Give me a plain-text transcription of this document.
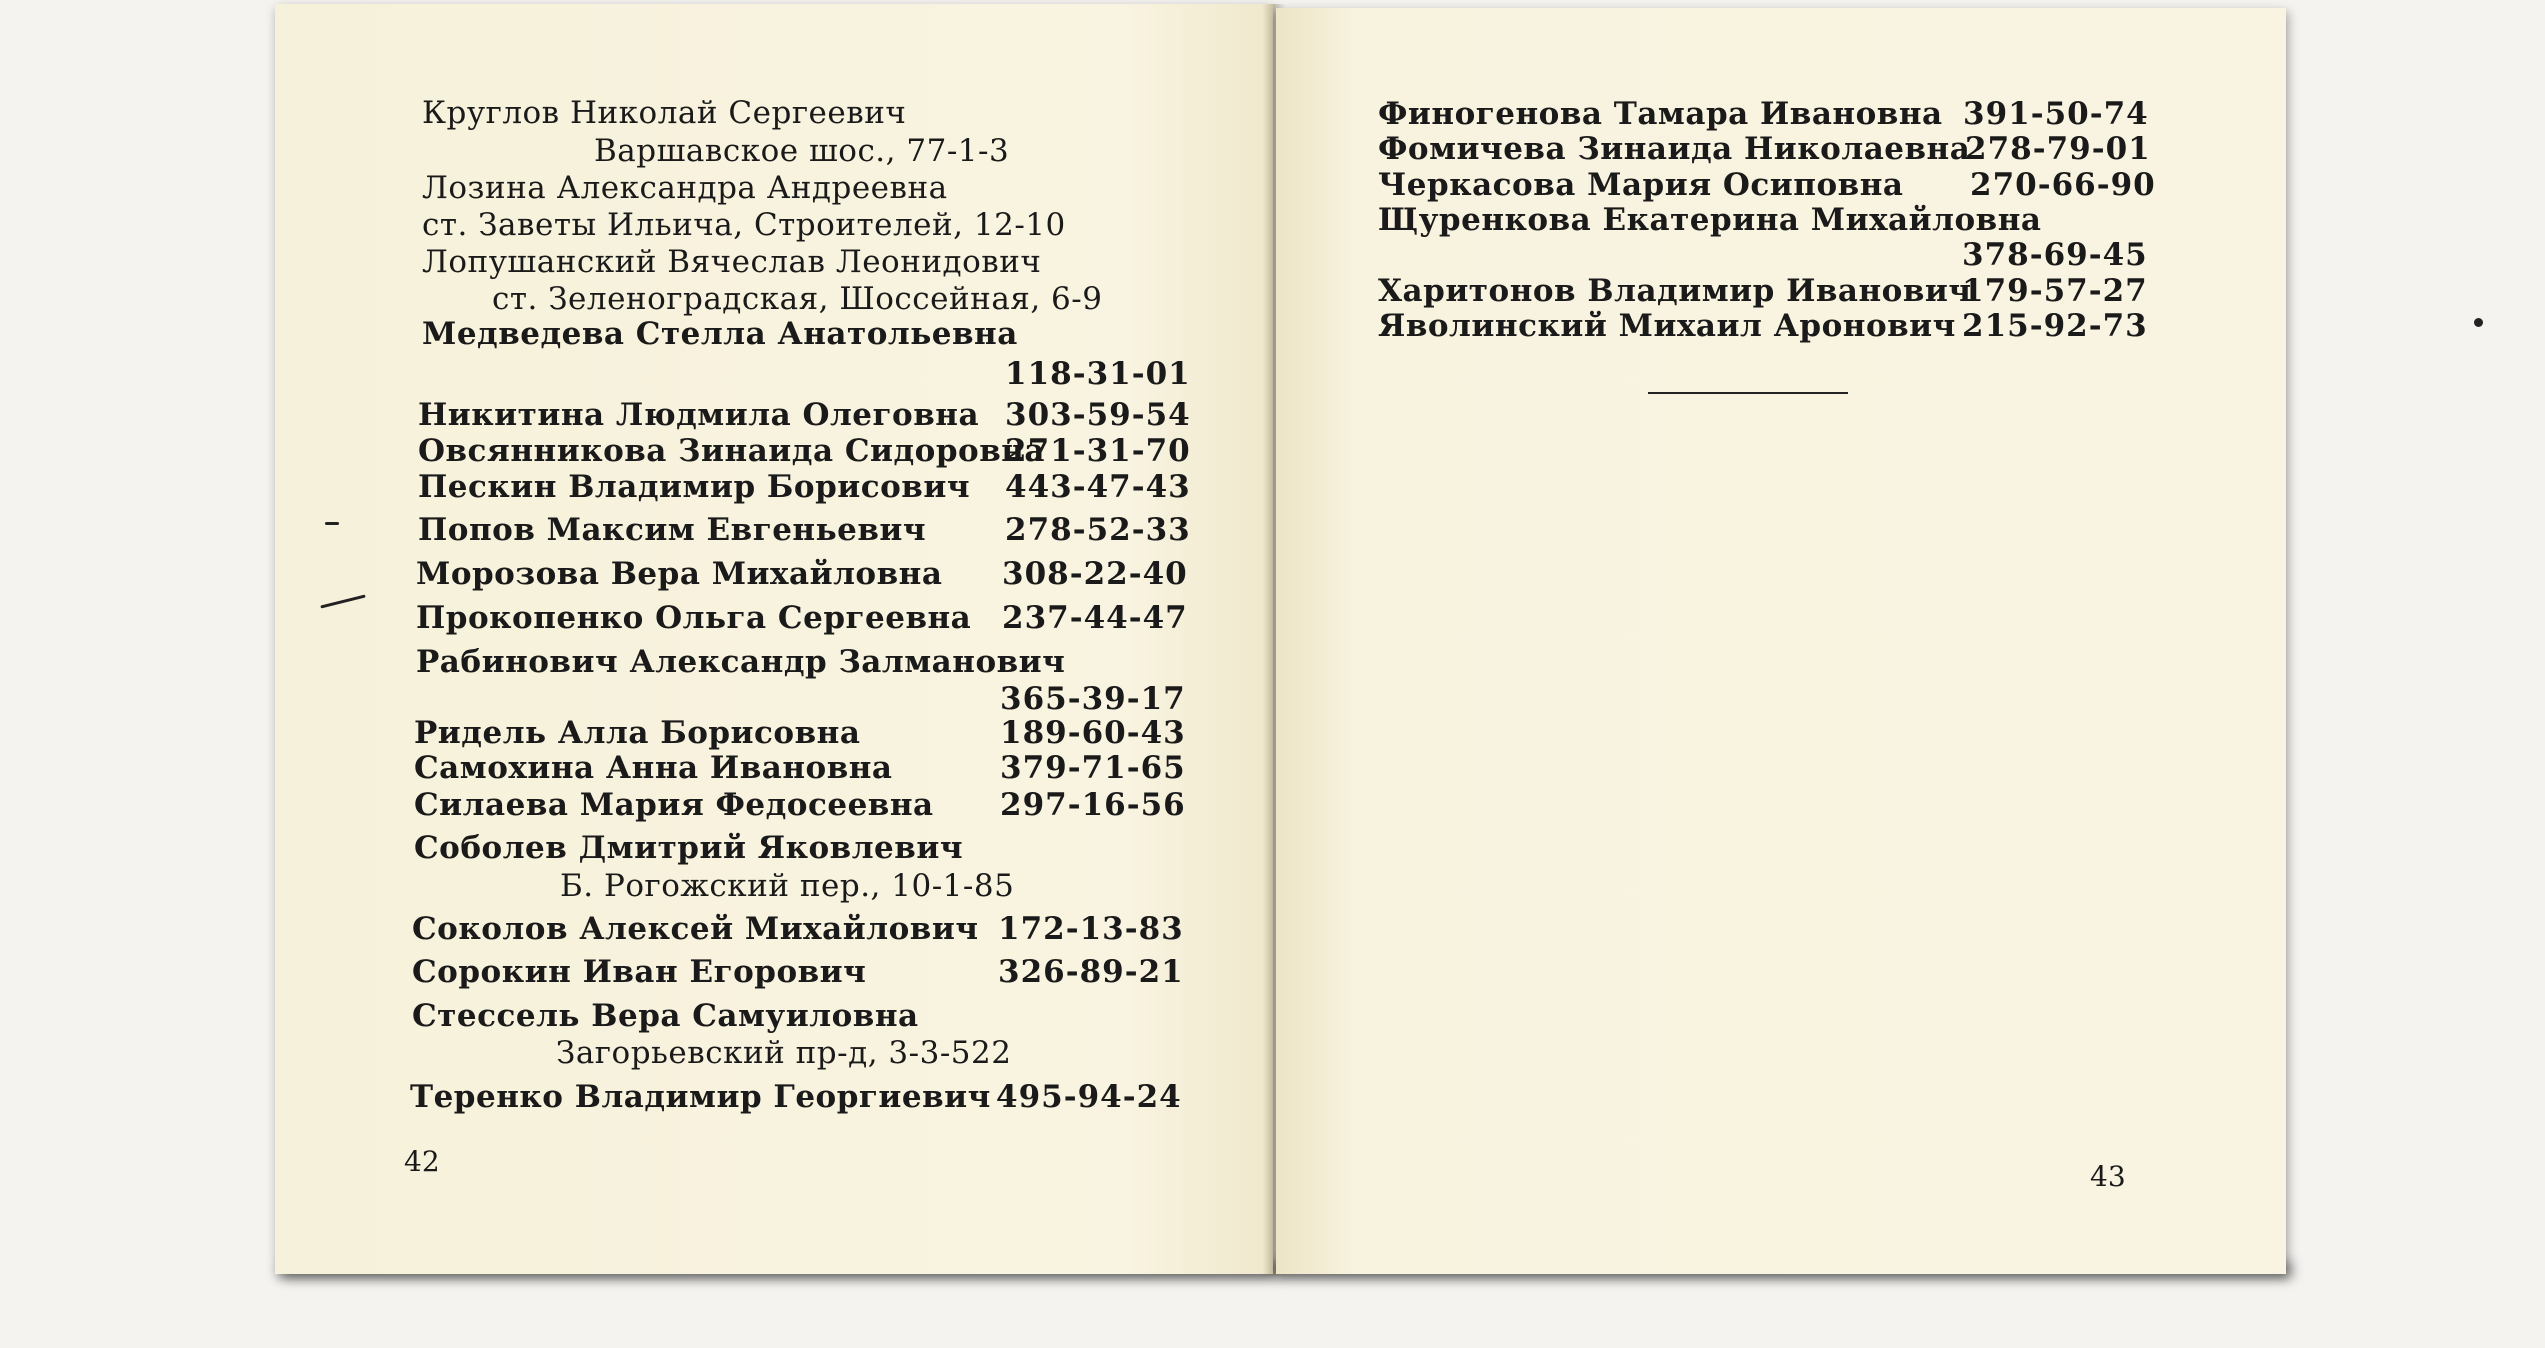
Круглов Николай Сергеевич
Варшавское шос., 77-1-3
Лозина Александра Андреевна
ст. Заветы Ильича, Строителей, 12-10
Лопушанский Вячеслав Леонидович
ст. Зеленоградская, Шоссейная, 6-9
Медведева Стелла Анатольевна
118-31-01
Никитина Людмила Олеговна 303-59-54
Овсянникова Зинаида Сидоровна
271-31-70
Пескин Владимир Борисович 443-47-43
Попов Максим Евгеньевич	278-52-33
Морозова Вера Михайловна 308-22-40
Прокопенко Ольга Сергеевна 237-44-47
Рабинович Александр Залманович
365-39-17
Ридель Алла Борисовна	189-60-43
Самохина Анна Ивановна	379-71-65
Силаева Мария Федосеевна 297-16-56
Соболев Дмитрий Яковлевич
Б. Рогожский пер., 10-1-85
Соколов Алексей Михайлович 172-13-83
Сорокин Иван Егорович	326-89-21
Стессель Вера Самуиловна
Загорьевский пр-д, 3-3-522
Теренко Владимир Георгиевич 495-94-24
42
Финогенова Тамара Ивановна 391-50-74
Фомичева Зинаида Николаевна
278-79-01
Черкасова Мария Осиповна 270-66-90
Щуренкова Екатерина Михайловна
378-69-45
Харитонов Владимир Иванович
179-57-27
Яволинский Михаил Аронович 215-92-73
43
